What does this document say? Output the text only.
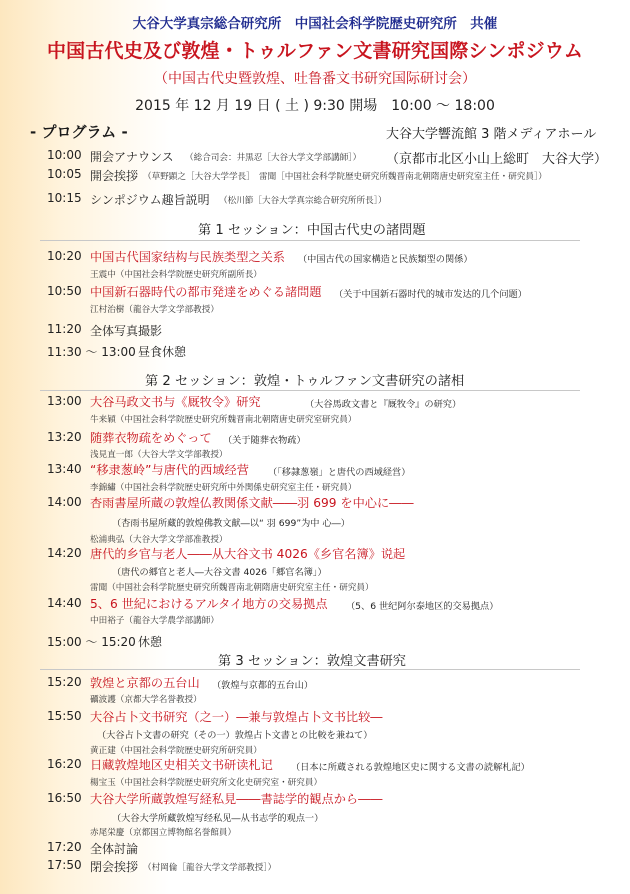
大谷大学真宗総合研究所　中国社会科学院歴史研究所　共催
中国古代史及び敦煌・トゥルファン文書研究国際シンポジウム
（中国古代史暨敦煌、吐鲁番文书研究国际研讨会）
2015 年 12 月 19 日 ( 土 ) 9:30 開場　10:00 〜 18:00
- プログラム -	大谷大学響流館 3 階メディアホール
（京都市北区小山上総町　大谷大学）
10:00 開会アナウンス （総合司会：井黒忍［大谷大学文学部講師］）
10:05 開会挨拶 （草野顕之［大谷大学学長］　雷聞［中国社会科学院歴史研究所魏晋南北朝隋唐史研究室主任・研究員］）
10:15 シンポジウム趣旨説明 （松川節［大谷大学真宗総合研究所所長］）
第 1 セッション：中国古代史の諸問題
10:20 中国古代国家结构与民族类型之关系 （中国古代の国家構造と民族類型の関係）
王震中（中国社会科学院歴史研究所副所長）
10:50 中国新石器時代の都市発達をめぐる諸問題 （关于中国新石器时代的城市发达的几个问题）
江村治樹（龍谷大学文学部教授）
11:20 全体写真撮影
11:30 〜 13:00 昼食休憩
第 2 セッション：敦煌・トゥルファン文書研究の諸相
13:00 大谷马政文书与《厩牧令》研究	（大谷馬政文書と『厩牧令』の研究）
牛来穎（中国社会科学院歴史研究所魏晋南北朝隋唐史研究室研究員）
13:20 随葬衣物疏をめぐって （关于随葬衣物疏）
浅見直一郎（大谷大学文学部教授）
13:40 “移隶葱岭”与唐代的西域经营 （「移隷葱嶺」と唐代の西域経営）
李錦繡（中国社会科学院歴史研究所中外関係史研究室主任・研究員）
14:00 杏雨書屋所蔵の敦煌仏教関係文献――羽 699 を中心に――
（杏雨书屋所藏的敦煌佛教文献―以“ 羽 699”为中 心―）
松浦典弘（大谷大学文学部准教授）
14:20 唐代的乡官与老人――从大谷文书 4026《乡官名簿》说起
（唐代の郷官と老人―大谷文書 4026「郷官名簿」）
雷聞（中国社会科学院歴史研究所魏晋南北朝隋唐史研究室主任・研究員）
14:40 5、6 世紀におけるアルタイ地方の交易拠点 （5、6 世纪阿尔泰地区的交易拠点）
中田裕子（龍谷大学農学部講師）
15:00 〜 15:20 休憩
第 3 セッション：敦煌文書研究
15:20 敦煌と京都の五台山 （敦煌与京都的五台山）
礪波護（京都大学名誉教授）
15:50 大谷占卜文书研究（之一）―兼与敦煌占卜文书比较―
（大谷占卜文書の研究（その一）敦煌占卜文書との比較を兼ねて）
黄正建（中国社会科学院歴史研究所研究員）
16:20 日藏敦煌地区史相关文书研读札记 （日本に所蔵される敦煌地区史に関する文書の読解札記）
楊宝玉（中国社会科学院歴史研究所文化史研究室・研究員）
16:50 大谷大学所蔵敦煌写経私見――書誌学的観点から――
（大谷大学所藏敦煌写经私见―从书志学的观点一）
赤尾栄慶（京都国立博物館名誉館員）
17:20 全体討論
17:50 閉会挨拶 （村岡倫［龍谷大学文学部教授］）
